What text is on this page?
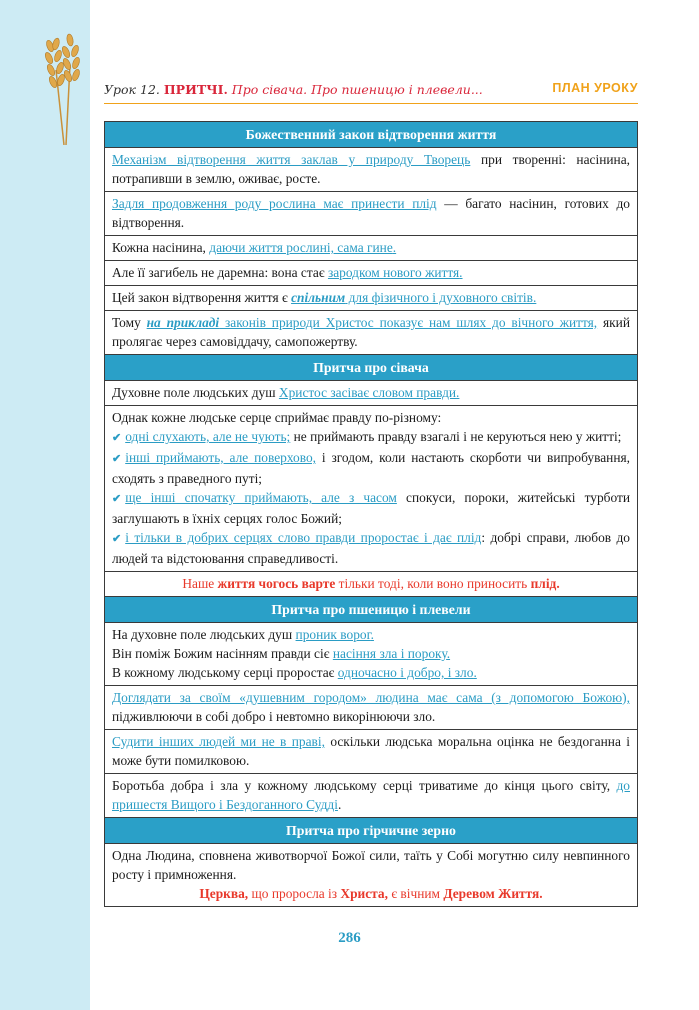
Урок 12. ПРИТЧІ. Про сівача. Про пшеницю і плевели...	ПЛАН УРОКУ
Божественний закон відтворення життя
Механізм відтворення життя заклав у природу Творець при творенні: насінина, потрапивши в землю, оживає, росте.
Задля продовження роду рослина має принести плід — багато насінин, готових до відтворення.
Кожна насінина, даючи життя рослині, сама гине.
Але її загибель не даремна: вона стає зародком нового життя.
Цей закон відтворення життя є спільним для фізичного і духовного світів.
Тому на прикладі законів природи Христос показує нам шлях до вічного життя, який пролягає через самовіддачу, самопожертву.
Притча про сівача
Духовне поле людських душ Христос засіває словом правди.

Однак кожне людське серце сприймає правду по-різному:
✔ одні слухають, але не чують; не приймають правду взагалі і не керуються нею у житті;
✔ інші приймають, але поверхово, і згодом, коли настають скорботи чи випробування, сходять з праведного путі;
✔ ще інші спочатку приймають, але з часом спокуси, пороки, житейські турботи заглушають в їхніх серцях голос Божий;
✔ і тільки в добрих серцях слово правди проростає і дає плід: добрі справи, любов до людей та відстоювання справедливості.

Наше життя чогось варте тільки тоді, коли воно приносить плід.
Притча про пшеницю і плевели

На духовне поле людських душ проник ворог.
Він поміж Божим насінням правди сіє насіння зла і пороку.
В кожному людському серці проростає одночасно і добро, і зло.

Доглядати за своїм «душевним городом» людина має сама (з допомогою Божою), підживлюючи в собі добро і невтомно викорінюючи зло.
Судити інших людей ми не в праві, оскільки людська моральна оцінка не бездоганна і може бути помилковою.
Боротьба добра і зла у кожному людському серці триватиме до кінця цього світу, до пришестя Вищого і Бездоганного Судді.
Притча про гірчичне зерно

Одна Людина, сповнена животворчої Божої сили, таїть у Собі могутню силу невпинного росту і примноження.
Церква, що проросла із Христа, є вічним Деревом Життя.
286
